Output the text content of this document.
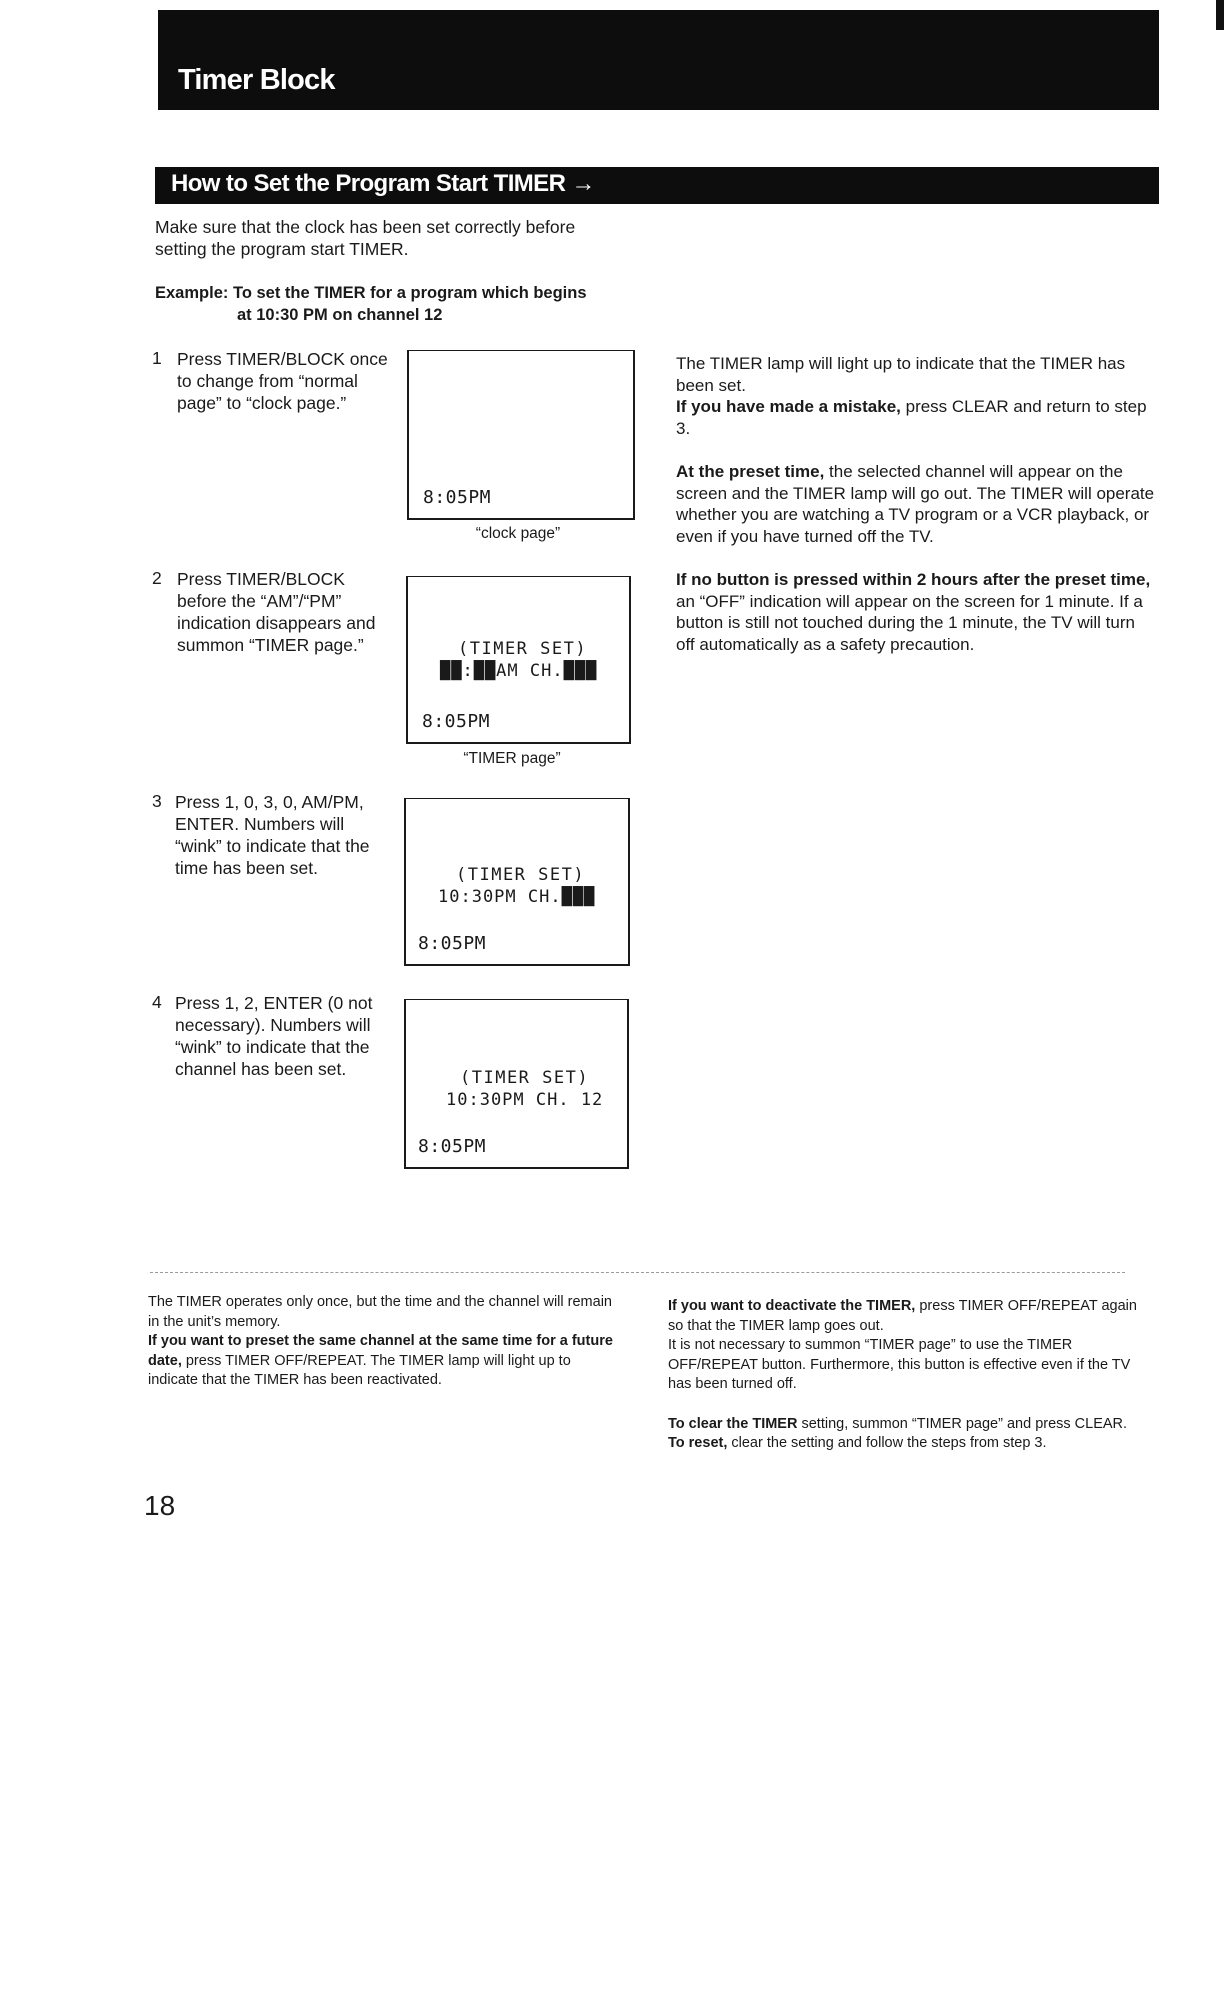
Timer Block
How to Set the Program Start TIMER →
Make sure that the clock has been set correctly before setting the program start TIMER.
Example: To set the TIMER for a program which begins
at 10:30 PM on channel 12
1 Press TIMER/BLOCK once to change from “normal page” to “clock page.”
8:05PM
“clock page”
2 Press TIMER/BLOCK before the “AM”/“PM” indication disappears and summon “TIMER page.”	(TIMER SET)
██:██AM CH.███
8:05PM
“TIMER page”
3 Press 1, 0, 3, 0, AM/PM, ENTER. Numbers will “wink” to indicate that the time has been set.	(TIMER SET)
10:30PM CH.███
8:05PM
4 Press 1, 2, ENTER (0 not necessary). Numbers will “wink” to indicate that the channel has been set.	(TIMER SET)
10:30PM CH. 12
8:05PM

The TIMER lamp will light up to indicate that the TIMER has been set.

If you have made a mistake, press CLEAR and return to step 3.

At the preset time, the selected channel will appear on the screen and the TIMER lamp will go out. The TIMER will operate whether you are watching a TV program or a VCR playback, or even if you have turned off the TV.

If no button is pressed within 2 hours after the preset time, an “OFF” indication will appear on the screen for 1 minute. If a button is still not touched during the 1 minute, the TV will turn off automatically as a safety precaution.

The TIMER operates only once, but the time and the channel will remain in the unit’s memory.

If you want to preset the same channel at the same time for a future date, press TIMER OFF/REPEAT. The TIMER lamp will light up to indicate that the TIMER has been reactivated.

If you want to deactivate the TIMER, press TIMER OFF/REPEAT again so that the TIMER lamp goes out.

It is not necessary to summon “TIMER page” to use the TIMER OFF/REPEAT button. Furthermore, this button is effective even if the TV has been turned off.

To clear the TIMER setting, summon “TIMER page” and press CLEAR.

To reset, clear the setting and follow the steps from step 3.

18
